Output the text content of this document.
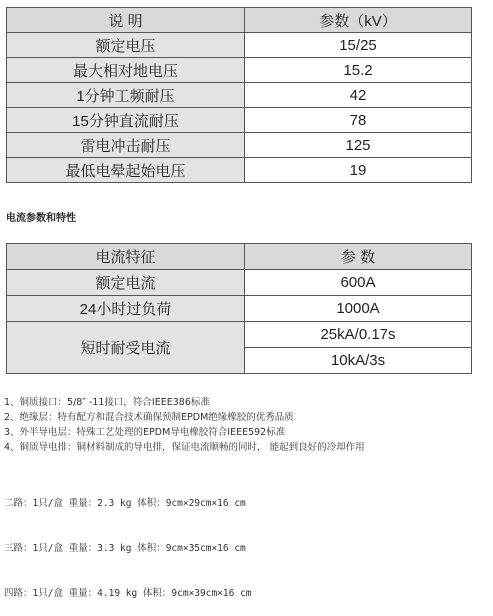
说 明	参数（kV）
额定电压	15/25
最大相对地电压	15.2
1分钟工频耐压	42
15分钟直流耐压	78
雷电冲击耐压	125
最低电晕起始电压	19
电流参数和特性
电流特征	参 数
额定电流	600A
24小时过负荷	1000A
短时耐受电流	25kA/0.17s
	10kA/3s
1、铜质接口：5/8″ -11接口，符合IEEE386标准
2、绝缘层：特有配方和混合技术确保预制EPDM绝缘橡胶的优秀品质
3、外半导电层：特殊工艺处理的EPDM导电橡胶符合IEEE592标准
4、铜质导电排：铜材料制成的导电排，保证电流顺畅的同时， 能起到良好的冷却作用

二路：1只/盒 重量：2.3 kg 体积：9cm×29cm×16 cm

三路：1只/盒 重量：3.3 kg 体积：9cm×35cm×16 cm

四路：1只/盒 重量：4.19 kg 体积：9cm×39cm×16 cm
